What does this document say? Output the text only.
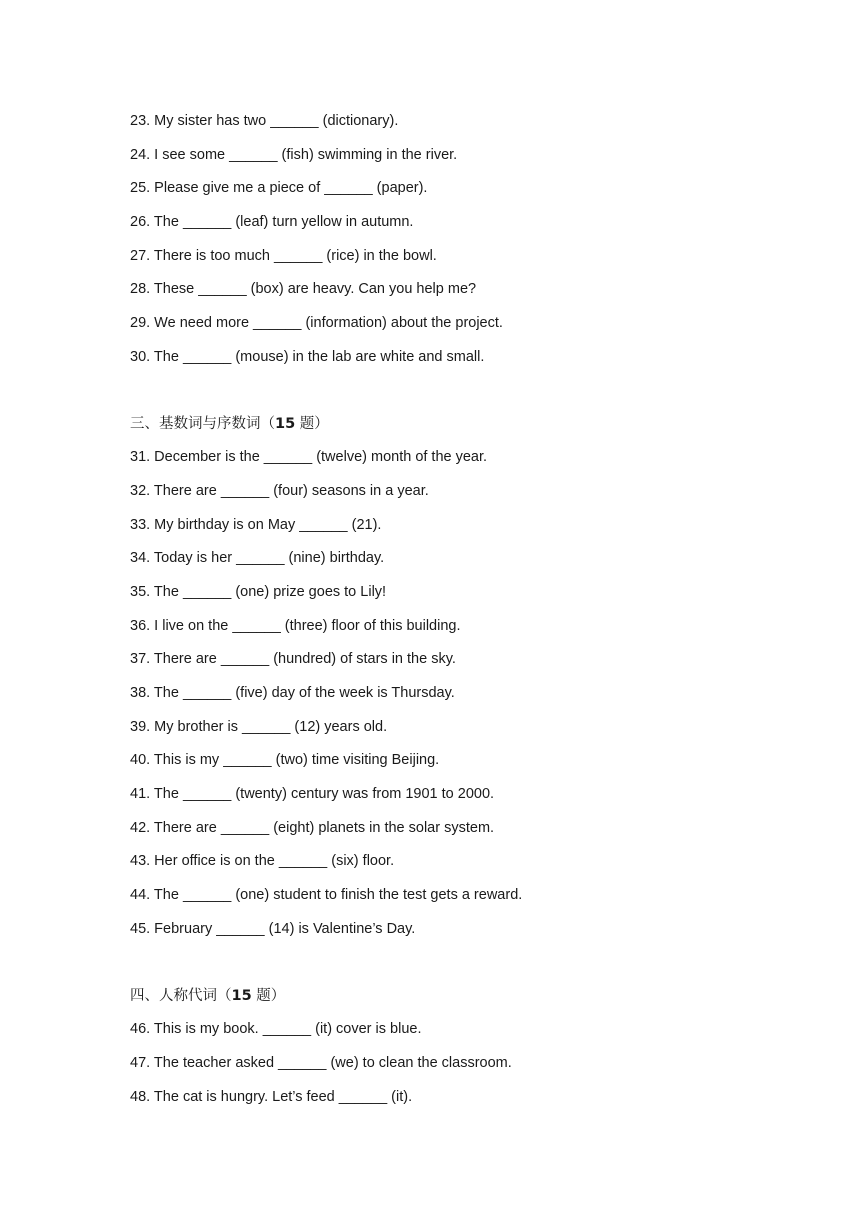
23. My sister has two ______ (dictionary).
24. I see some ______ (fish) swimming in the river.
25. Please give me a piece of ______ (paper).
26. The ______ (leaf) turn yellow in autumn.
27. There is too much ______ (rice) in the bowl.
28. These ______ (box) are heavy. Can you help me?
29. We need more ______ (information) about the project.
30. The ______ (mouse) in the lab are white and small.
三、基数词与序数词（15 题）
31. December is the ______ (twelve) month of the year.
32. There are ______ (four) seasons in a year.
33. My birthday is on May ______ (21).
34. Today is her ______ (nine) birthday.
35. The ______ (one) prize goes to Lily!
36. I live on the ______ (three) floor of this building.
37. There are ______ (hundred) of stars in the sky.
38. The ______ (five) day of the week is Thursday.
39. My brother is ______ (12) years old.
40. This is my ______ (two) time visiting Beijing.
41. The ______ (twenty) century was from 1901 to 2000.
42. There are ______ (eight) planets in the solar system.
43. Her office is on the ______ (six) floor.
44. The ______ (one) student to finish the test gets a reward.
45. February ______ (14) is Valentine’s Day.
四、人称代词（15 题）
46. This is my book. ______ (it) cover is blue.
47. The teacher asked ______ (we) to clean the classroom.
48. The cat is hungry. Let’s feed ______ (it).
